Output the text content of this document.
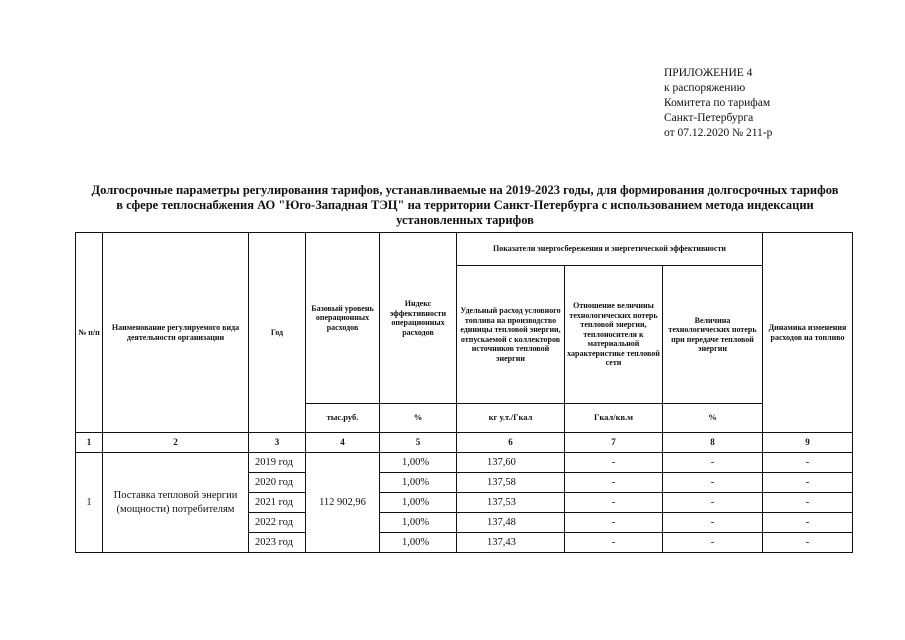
ПРИЛОЖЕНИЕ 4
к распоряжению
Комитета по тарифам
Санкт-Петербурга
от 07.12.2020 № 211-р
Долгосрочные параметры регулирования тарифов, устанавливаемые на 2019-2023 годы, для формирования долгосрочных тарифов
в сфере теплоснабжения АО "Юго-Западная ТЭЦ" на территории Санкт-Петербурга с использованием метода индексации
установленных тарифов
№ п/п	Наименование регулируемого вида деятельности организации	Год	Базовый уровень операционных расходов	Индекс эффективности операционных расходов	Показатели энергосбережения и энергетической эффективности			Динамика изменения расходов на топливо
					Удельный расход условного топлива на производство единицы тепловой энергии, отпускаемой с коллекторов источников тепловой энергии	Отношение величины технологических потерь тепловой энергии, теплоносителя к материальной характеристике тепловой сети	Величина технологических потерь при передаче тепловой энергии	
			тыс.руб.	%	кг у.т./Гкал	Гкал/кв.м	%	
1	2	3	4	5	6	7	8	9
1	Поставка тепловой энергии (мощности) потребителям	2019 год	112 902,96	1,00%	137,60	-	-	-
		2020 год		1,00%	137,58	-	-	-
		2021 год		1,00%	137,53	-	-	-
		2022 год		1,00%	137,48	-	-	-
		2023 год		1,00%	137,43	-	-	-
